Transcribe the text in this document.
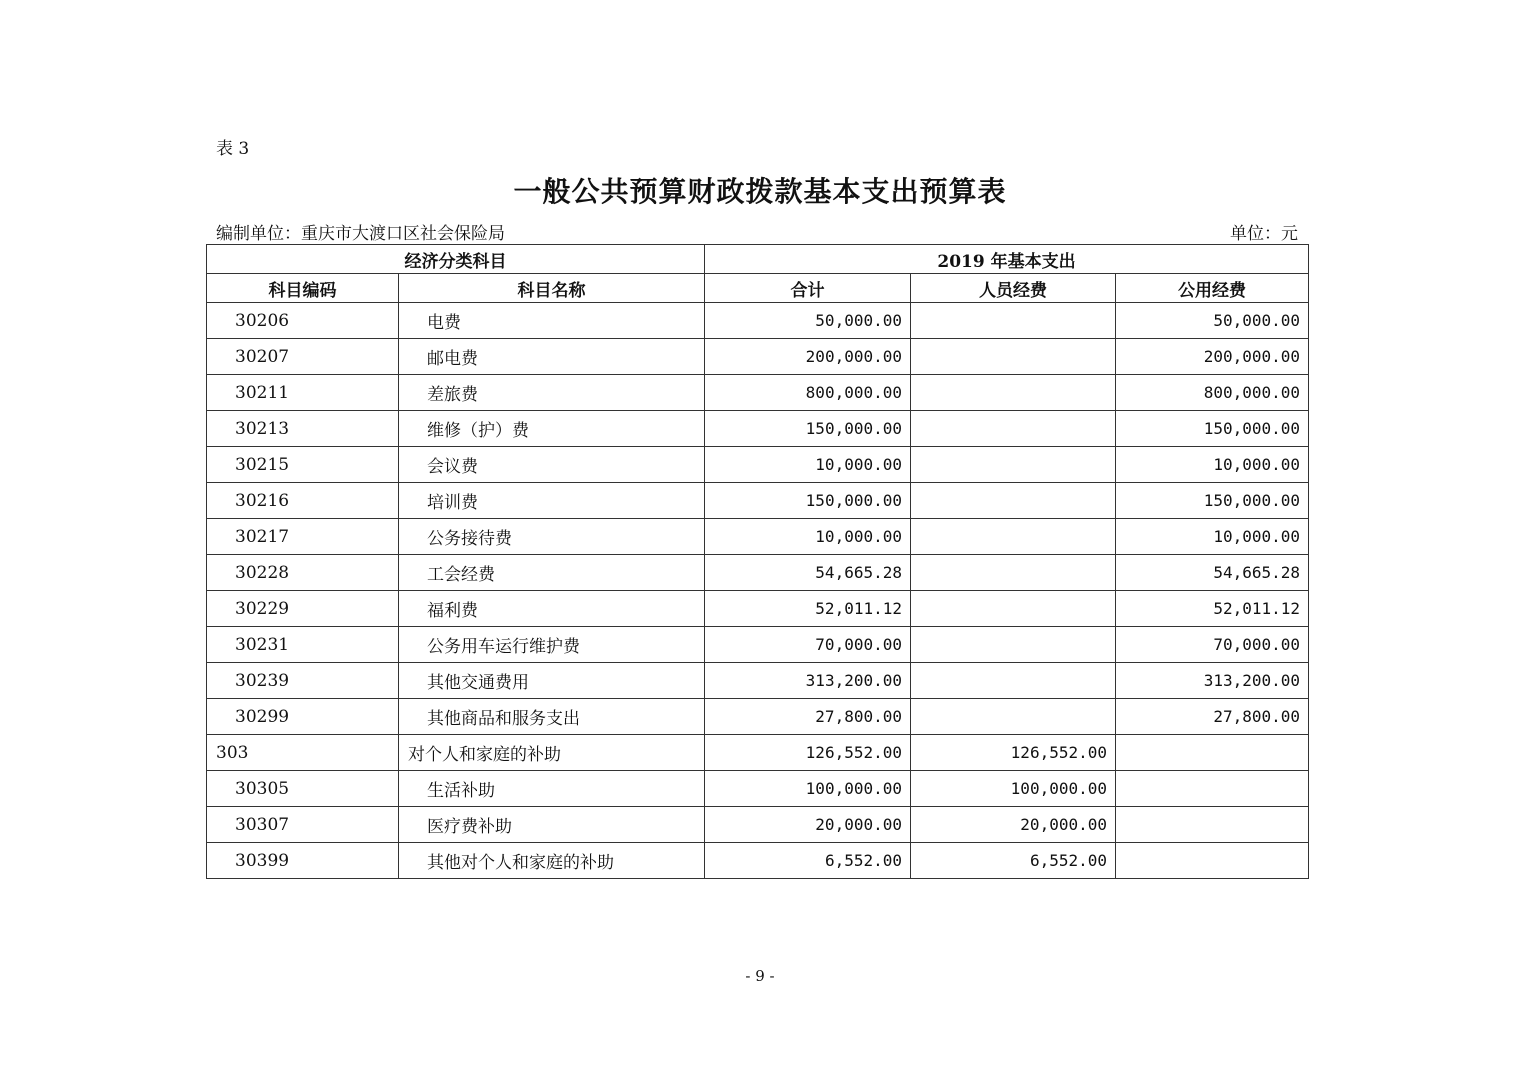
表 3
一般公共预算财政拨款基本支出预算表
编制单位：重庆市大渡口区社会保险局	单位：元
经济分类科目		2019 年基本支出		
科目编码	科目名称	合计	人员经费	公用经费
30206	电费	50,000.00		50,000.00
30207	邮电费	200,000.00		200,000.00
30211	差旅费	800,000.00		800,000.00
30213	维修（护）费	150,000.00		150,000.00
30215	会议费	10,000.00		10,000.00
30216	培训费	150,000.00		150,000.00
30217	公务接待费	10,000.00		10,000.00
30228	工会经费	54,665.28		54,665.28
30229	福利费	52,011.12		52,011.12
30231	公务用车运行维护费	70,000.00		70,000.00
30239	其他交通费用	313,200.00		313,200.00
30299	其他商品和服务支出	27,800.00		27,800.00
303	对个人和家庭的补助	126,552.00	126,552.00	
30305	生活补助	100,000.00	100,000.00	
30307	医疗费补助	20,000.00	20,000.00	
30399	其他对个人和家庭的补助	6,552.00	6,552.00	
- 9 -
